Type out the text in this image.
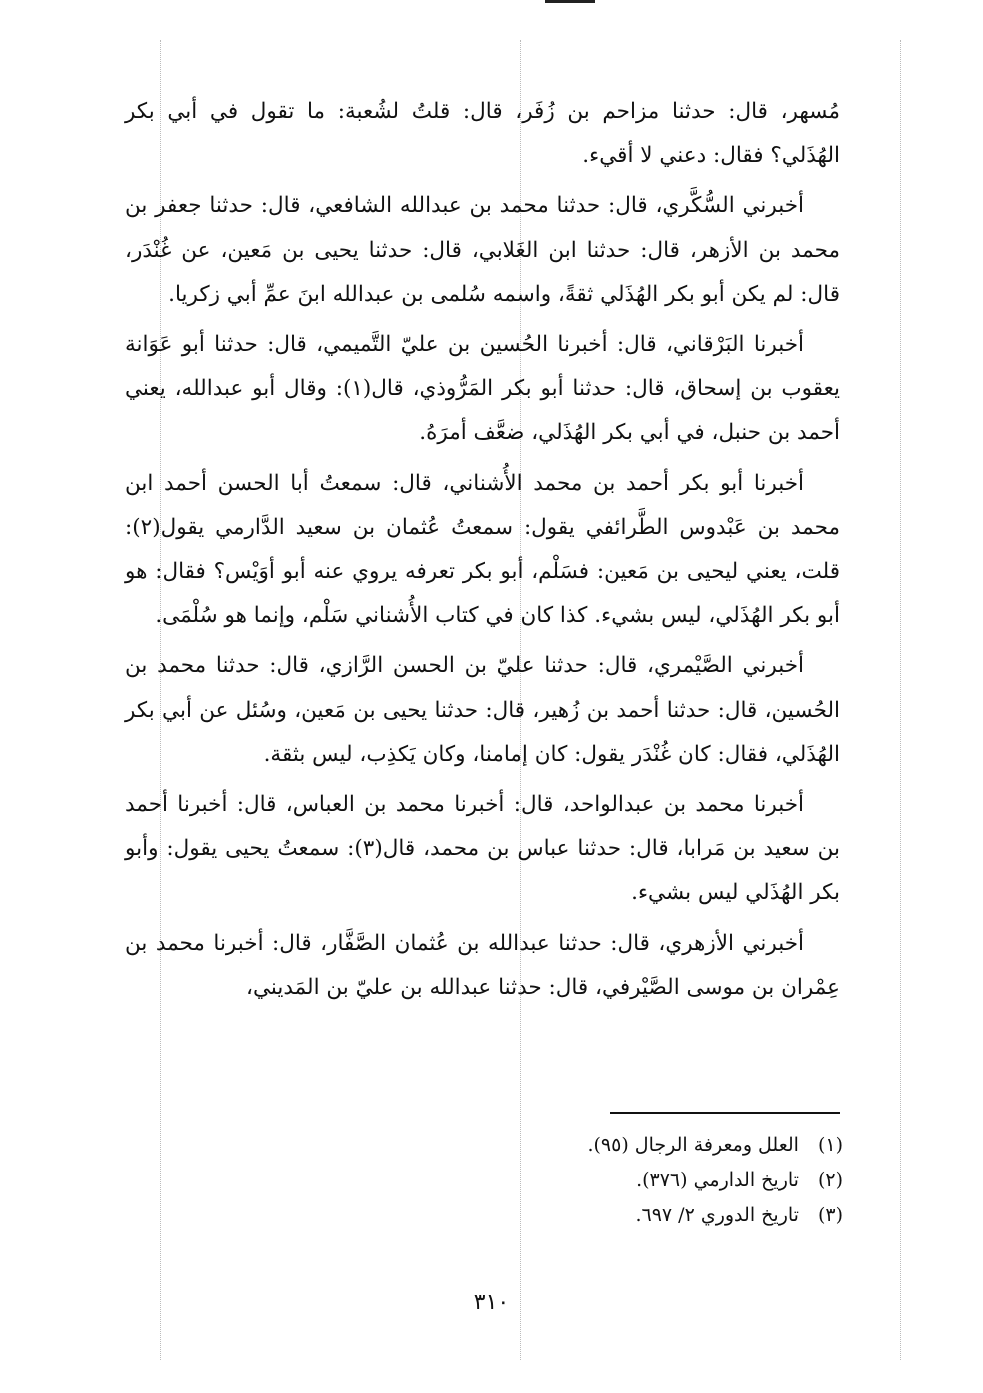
مُسهر، قال: حدثنا مزاحم بن زُفَر، قال: قلتُ لشُعبة: ما تقول في أبي بكر الهُذَلي؟ فقال: دعني لا أقيء.

أخبرني السُّكَّري، قال: حدثنا محمد بن عبدالله الشافعي، قال: حدثنا جعفر بن محمد بن الأزهر، قال: حدثنا ابن الغَلابي، قال: حدثنا يحيى بن مَعين، عن غُنْدَر، قال: لم يكن أبو بكر الهُذَلي ثقةً، واسمه سُلمى بن عبدالله ابنَ عمِّ أبي زكريا.

أخبرنا البَرْقاني، قال: أخبرنا الحُسين بن عليّ التَّميمي، قال: حدثنا أبو عَوَانة يعقوب بن إسحاق، قال: حدثنا أبو بكر المَرُّوذي، قال(١): وقال أبو عبدالله، يعني أحمد بن حنبل، في أبي بكر الهُذَلي، ضعَّف أمرَهُ.

أخبرنا أبو بكر أحمد بن محمد الأُشناني، قال: سمعتُ أبا الحسن أحمد ابن محمد بن عَبْدوس الطَّرائفي يقول: سمعتُ عُثمان بن سعيد الدَّارمي يقول(٢): قلت، يعني ليحيى بن مَعين: فسَلْم، أبو بكر تعرفه يروي عنه أبو أوَيْس؟ فقال: هو أبو بكر الهُذَلي، ليس بشيء. كذا كان في كتاب الأُشناني سَلْم، وإنما هو سُلْمَى.

أخبرني الصَّيْمري، قال: حدثنا عليّ بن الحسن الرَّازي، قال: حدثنا محمد بن الحُسين، قال: حدثنا أحمد بن زُهير، قال: حدثنا يحيى بن مَعين، وسُئل عن أبي بكر الهُذَلي، فقال: كان غُنْدَر يقول: كان إمامنا، وكان يَكذِب، ليس بثقة.

أخبرنا محمد بن عبدالواحد، قال: أخبرنا محمد بن العباس، قال: أخبرنا أحمد بن سعيد بن مَرابا، قال: حدثنا عباس بن محمد، قال(٣): سمعتُ يحيى يقول: وأبو بكر الهُذَلي ليس بشيء.

أخبرني الأزهري، قال: حدثنا عبدالله بن عُثمان الصَّفَّار، قال: أخبرنا محمد بن عِمْران بن موسى الصَّيْرفي، قال: حدثنا عبدالله بن عليّ بن المَديني،

(١) العلل ومعرفة الرجال (٩٥).
(٢) تاريخ الدارمي (٣٧٦).
(٣) تاريخ الدوري ٢/ ٦٩٧.
٣١٠
